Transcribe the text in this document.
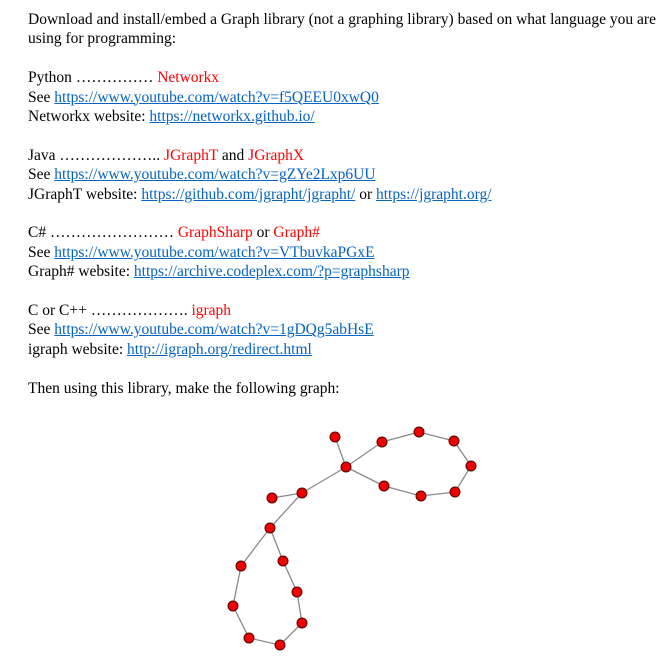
Download and install/embed a Graph library (not a graphing library) based on what language you are using for programming:

Python …………… Networkx

See https://www.youtube.com/watch?v=f5QEEU0xwQ0

Networkx website: https://networkx.github.io/

Java ……………….. JGraphT and JGraphX

See https://www.youtube.com/watch?v=gZYe2Lxp6UU

JGraphT website: https://github.com/jgrapht/jgrapht/ or https://jgrapht.org/

C# …………………… GraphSharp or Graph#

See https://www.youtube.com/watch?v=VTbuvkaPGxE

Graph# website: https://archive.codeplex.com/?p=graphsharp

C or C++ ………………. igraph

See https://www.youtube.com/watch?v=1gDQg5abHsE

igraph website: http://igraph.org/redirect.html

Then using this library, make the following graph:
